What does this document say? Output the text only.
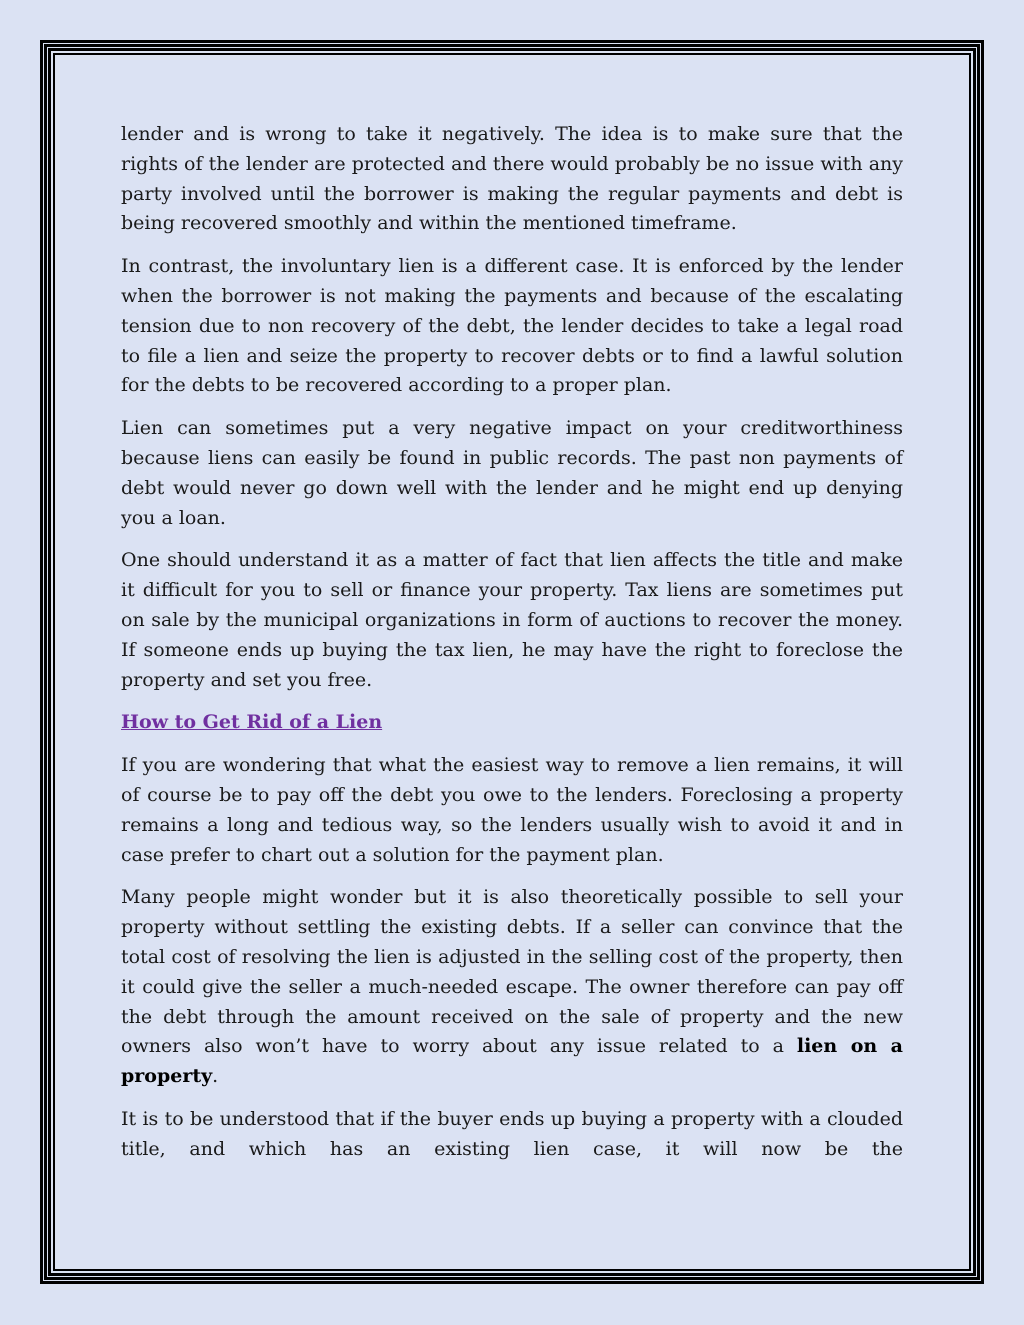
lender and is wrong to take it negatively. The idea is to make sure that the rights of the lender are protected and there would probably be no issue with any party involved until the borrower is making the regular payments and debt is being recovered smoothly and within the mentioned timeframe.

In contrast, the involuntary lien is a different case. It is enforced by the lender when the borrower is not making the payments and because of the escalating tension due to non recovery of the debt, the lender decides to take a legal road to file a lien and seize the property to recover debts or to find a lawful solution for the debts to be recovered according to a proper plan.

Lien can sometimes put a very negative impact on your creditworthiness because liens can easily be found in public records. The past non payments of debt would never go down well with the lender and he might end up denying you a loan.

One should understand it as a matter of fact that lien affects the title and make it difficult for you to sell or finance your property. Tax liens are sometimes put on sale by the municipal organizations in form of auctions to recover the money. If someone ends up buying the tax lien, he may have the right to foreclose the property and set you free.

How to Get Rid of a Lien

If you are wondering that what the easiest way to remove a lien remains, it will of course be to pay off the debt you owe to the lenders. Foreclosing a property remains a long and tedious way, so the lenders usually wish to avoid it and in case prefer to chart out a solution for the payment plan.

Many people might wonder but it is also theoretically possible to sell your property without settling the existing debts. If a seller can convince that the total cost of resolving the lien is adjusted in the selling cost of the property, then it could give the seller a much-needed escape. The owner therefore can pay off the debt through the amount received on the sale of property and the new owners also won’t have to worry about any issue related to a lien on a property.

It is to be understood that if the buyer ends up buying a property with a clouded title, and which has an existing lien case, it will now be the
